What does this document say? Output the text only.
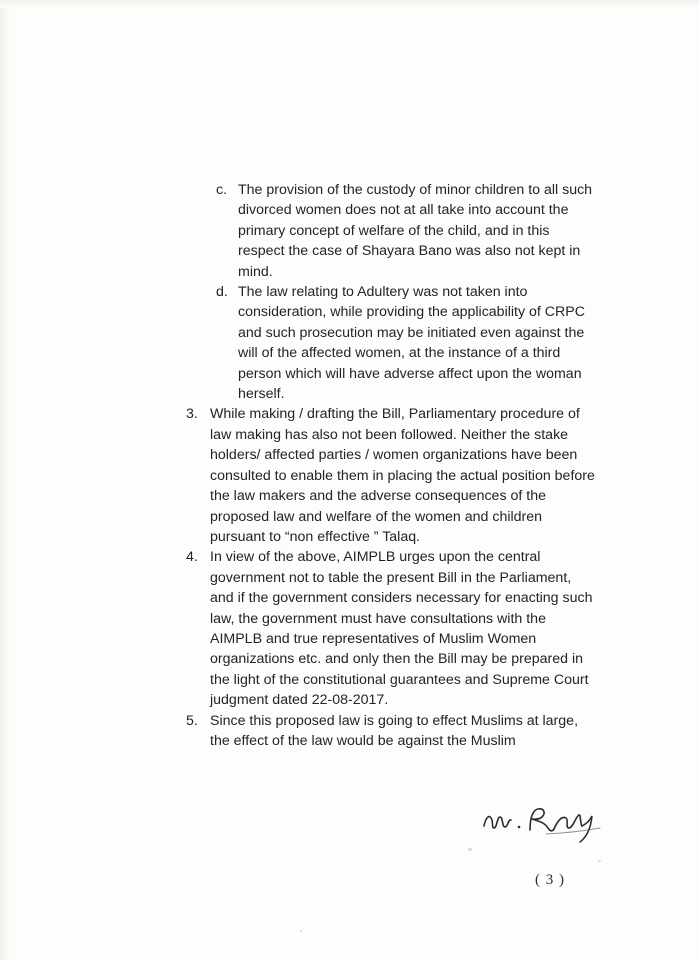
c. The provision of the custody of minor children to all such divorced women does not at all take into account the primary concept of welfare of the child, and in this respect the case of Shayara Bano was also not kept in mind.
d. The law relating to Adultery was not taken into consideration, while providing the applicability of CRPC and such prosecution may be initiated even against the will of the affected women, at the instance of a third person which will have adverse affect upon the woman herself.
3. While making / drafting the Bill, Parliamentary procedure of law making has also not been followed. Neither the stake holders/ affected parties / women organizations have been consulted to enable them in placing the actual position before the law makers and the adverse consequences of the proposed law and welfare of the women and children pursuant to “non effective ” Talaq.
4. In view of the above, AIMPLB urges upon the central government not to table the present Bill in the Parliament, and if the government considers necessary for enacting such law, the government must have consultations with the AIMPLB and true representatives of Muslim Women organizations etc. and only then the Bill may be prepared in the light of the constitutional guarantees and Supreme Court judgment dated 22-08-2017.
5. Since this proposed law is going to effect Muslims at large, the effect of the law would be against the Muslim
( 3 )
